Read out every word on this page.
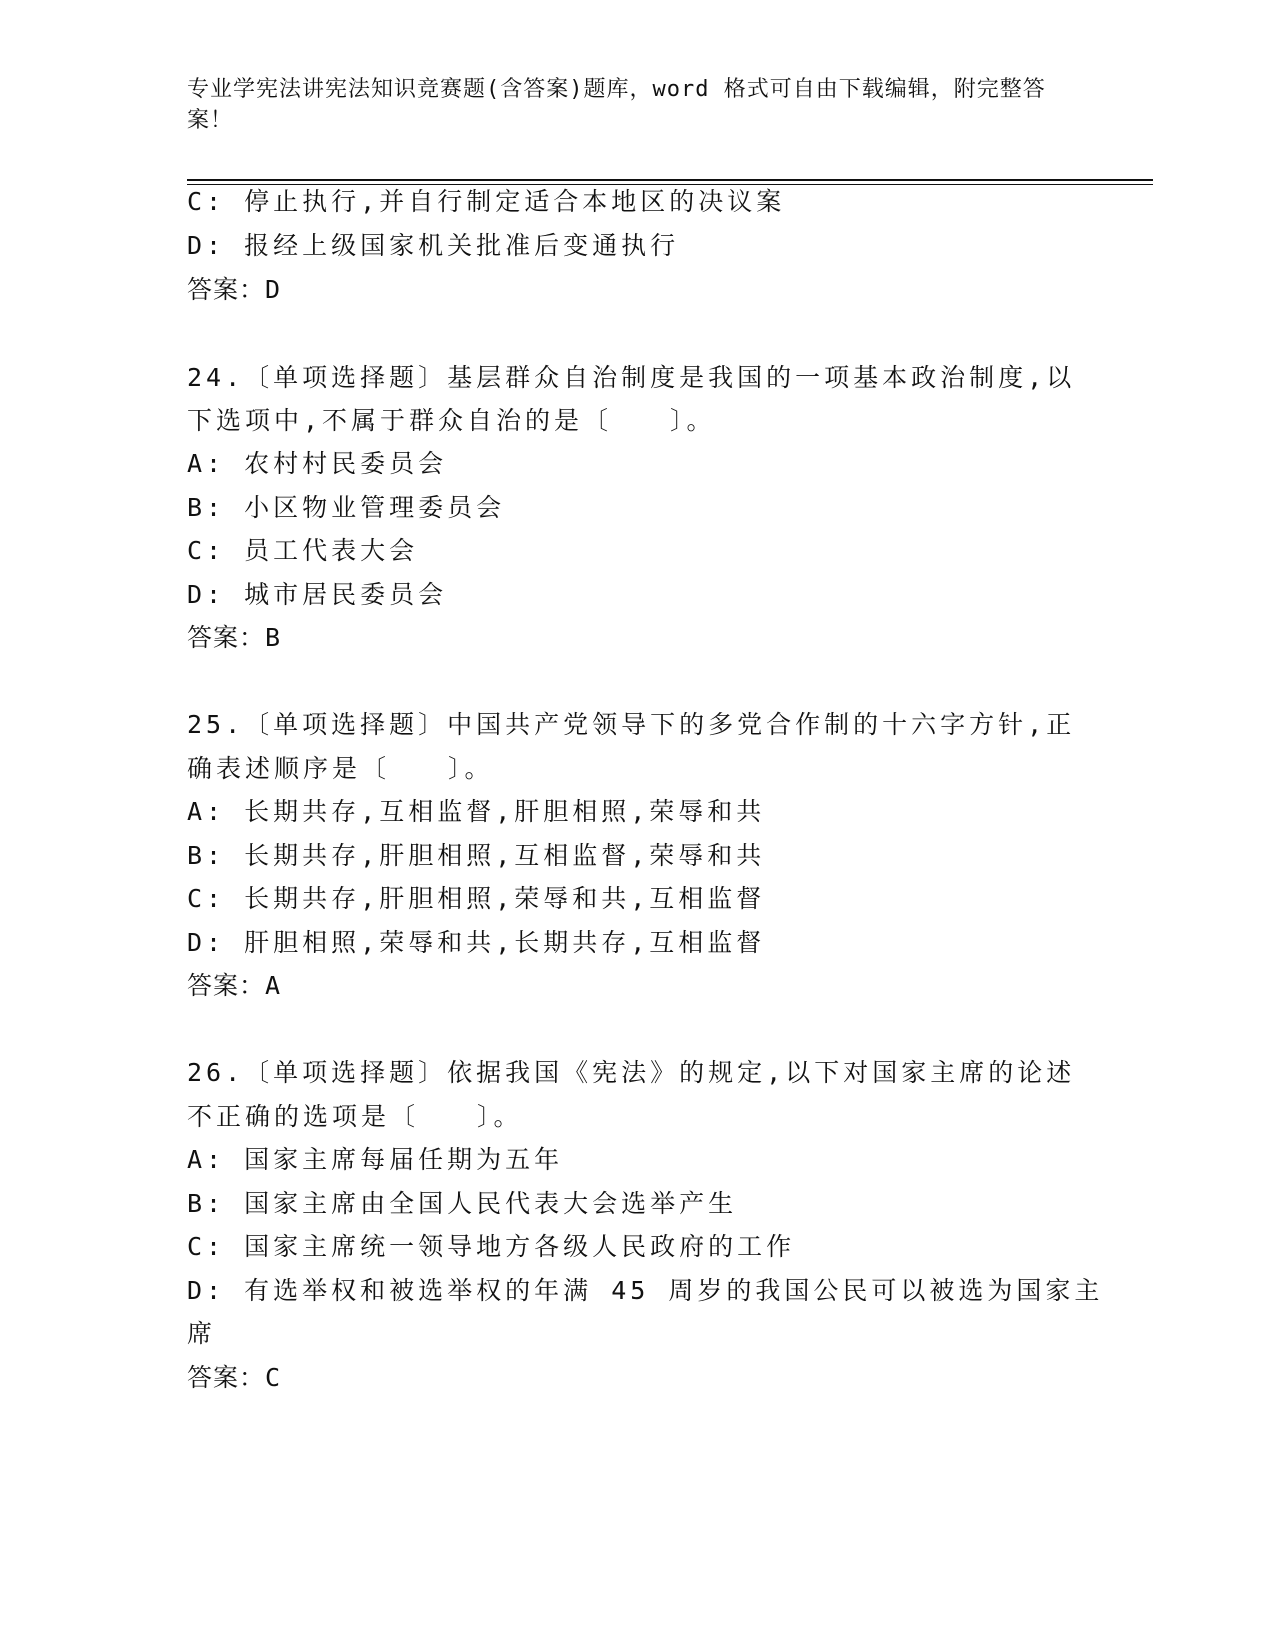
专业学宪法讲宪法知识竞赛题(含答案)题库，word 格式可自由下载编辑，附完整答案！
C: 停止执行,并自行制定适合本地区的决议案
D: 报经上级国家机关批准后变通执行
答案：D
24.〔单项选择题〕基层群众自治制度是我国的一项基本政治制度,以
下选项中,不属于群众自治的是〔　　〕。
A: 农村村民委员会
B: 小区物业管理委员会
C: 员工代表大会
D: 城市居民委员会
答案：B
25.〔单项选择题〕中国共产党领导下的多党合作制的十六字方针,正
确表述顺序是〔　　〕。
A: 长期共存,互相监督,肝胆相照,荣辱和共
B: 长期共存,肝胆相照,互相监督,荣辱和共
C: 长期共存,肝胆相照,荣辱和共,互相监督
D: 肝胆相照,荣辱和共,长期共存,互相监督
答案：A
26.〔单项选择题〕依据我国《宪法》的规定,以下对国家主席的论述
不正确的选项是〔　　〕。
A: 国家主席每届任期为五年
B: 国家主席由全国人民代表大会选举产生
C: 国家主席统一领导地方各级人民政府的工作
D: 有选举权和被选举权的年满 45 周岁的我国公民可以被选为国家主
席
答案：C
